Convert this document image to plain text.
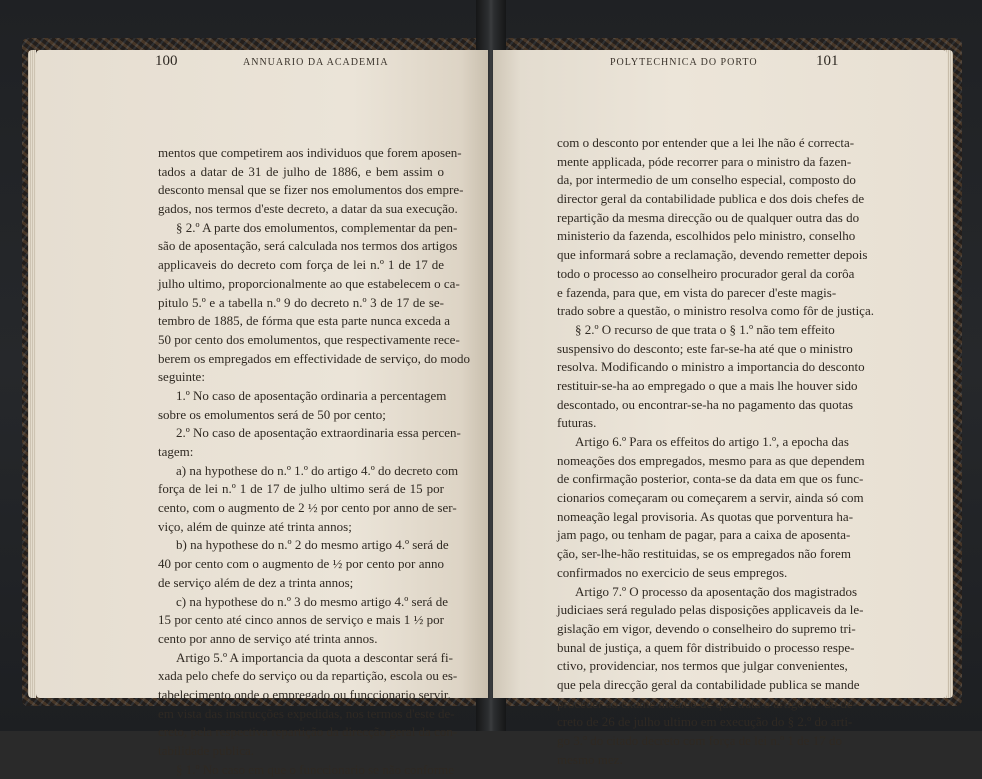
100	ANNUARIO DA ACADEMIA	POLYTECHNICA DO PORTO	101
mentos que competirem aos individuos que forem aposen-
tados a datar de 31 de julho de 1886, e bem assim o
desconto mensal que se fizer nos emolumentos dos empre-
gados, nos termos d'este decreto, a datar da sua execução.
§ 2.º A parte dos emolumentos, complementar da pen-
são de aposentação, será calculada nos termos dos artigos
applicaveis do decreto com força de lei n.º 1 de 17 de
julho ultimo, proporcionalmente ao que estabelecem o ca-
pitulo 5.º e a tabella n.º 9 do decreto n.º 3 de 17 de se-
tembro de 1885, de fórma que esta parte nunca exceda a
50 por cento dos emolumentos, que respectivamente rece-
berem os empregados em effectividade de serviço, do modo
seguinte:
1.º No caso de aposentação ordinaria a percentagem
sobre os emolumentos será de 50 por cento;
2.º No caso de aposentação extraordinaria essa percen-
tagem:
a) na hypothese do n.º 1.º do artigo 4.º do decreto com
força de lei n.º 1 de 17 de julho ultimo será de 15 por
cento, com o augmento de 2 ½ por cento por anno de ser-
viço, além de quinze até trinta annos;
b) na hypothese do n.º 2 do mesmo artigo 4.º será de
40 por cento com o augmento de ½ por cento por anno
de serviço além de dez a trinta annos;
c) na hypothese do n.º 3 do mesmo artigo 4.º será de
15 por cento até cinco annos de serviço e mais 1 ½ por
cento por anno de serviço até trinta annos.
Artigo 5.º A importancia da quota a descontar será fi-
xada pelo chefe do serviço ou da repartição, escola ou es-
tabelecimento onde o empregado ou funccionario servir,
em vista das instrucções expedidas, nos termos d'este de-
creto, pela respectiva repartição da direcção geral da con-
tabilidade publica.
§ 1.º No caso em que o funccionario se não conforme
com o desconto por entender que a lei lhe não é correcta-
mente applicada, póde recorrer para o ministro da fazen-
da, por intermedio de um conselho especial, composto do
director geral da contabilidade publica e dos dois chefes de
repartição da mesma direcção ou de qualquer outra das do
ministerio da fazenda, escolhidos pelo ministro, conselho
que informará sobre a reclamação, devendo remetter depois
todo o processo ao conselheiro procurador geral da corôa
e fazenda, para que, em vista do parecer d'este magis-
trado sobre a questão, o ministro resolva como fôr de justiça.
§ 2.º O recurso de que trata o § 1.º não tem effeito
suspensivo do desconto; este far-se-ha até que o ministro
resolva. Modificando o ministro a importancia do desconto
restituir-se-ha ao empregado o que a mais lhe houver sido
descontado, ou encontrar-se-ha no pagamento das quotas
futuras.
Artigo 6.º Para os effeitos do artigo 1.º, a epocha das
nomeações dos empregados, mesmo para as que dependem
de confirmação posterior, conta-se da data em que os func-
cionarios começaram ou começarem a servir, ainda só com
nomeação legal provisoria. As quotas que porventura ha-
jam pago, ou tenham de pagar, para a caixa de aposenta-
ção, ser-lhe-hão restituidas, se os empregados não forem
confirmados no exercicio de seus empregos.
Artigo 7.º O processo da aposentação dos magistrados
judiciaes será regulado pelas disposições applicaveis da le-
gislação em vigor, devendo o conselheiro do supremo tri-
bunal de justiça, a quem fôr distribuido o processo respe-
ctivo, providenciar, nos termos que julgar convenientes,
que pela direcção geral da contabilidade publica se mande
proceder ao exame medico de que trata o artigo 4.º do de-
creto de 26 de julho ultimo em execução do § 2.º do arti-
go 3.º do citado decreto com força de lei n.º 1 de 17 do
mesmo mez.
